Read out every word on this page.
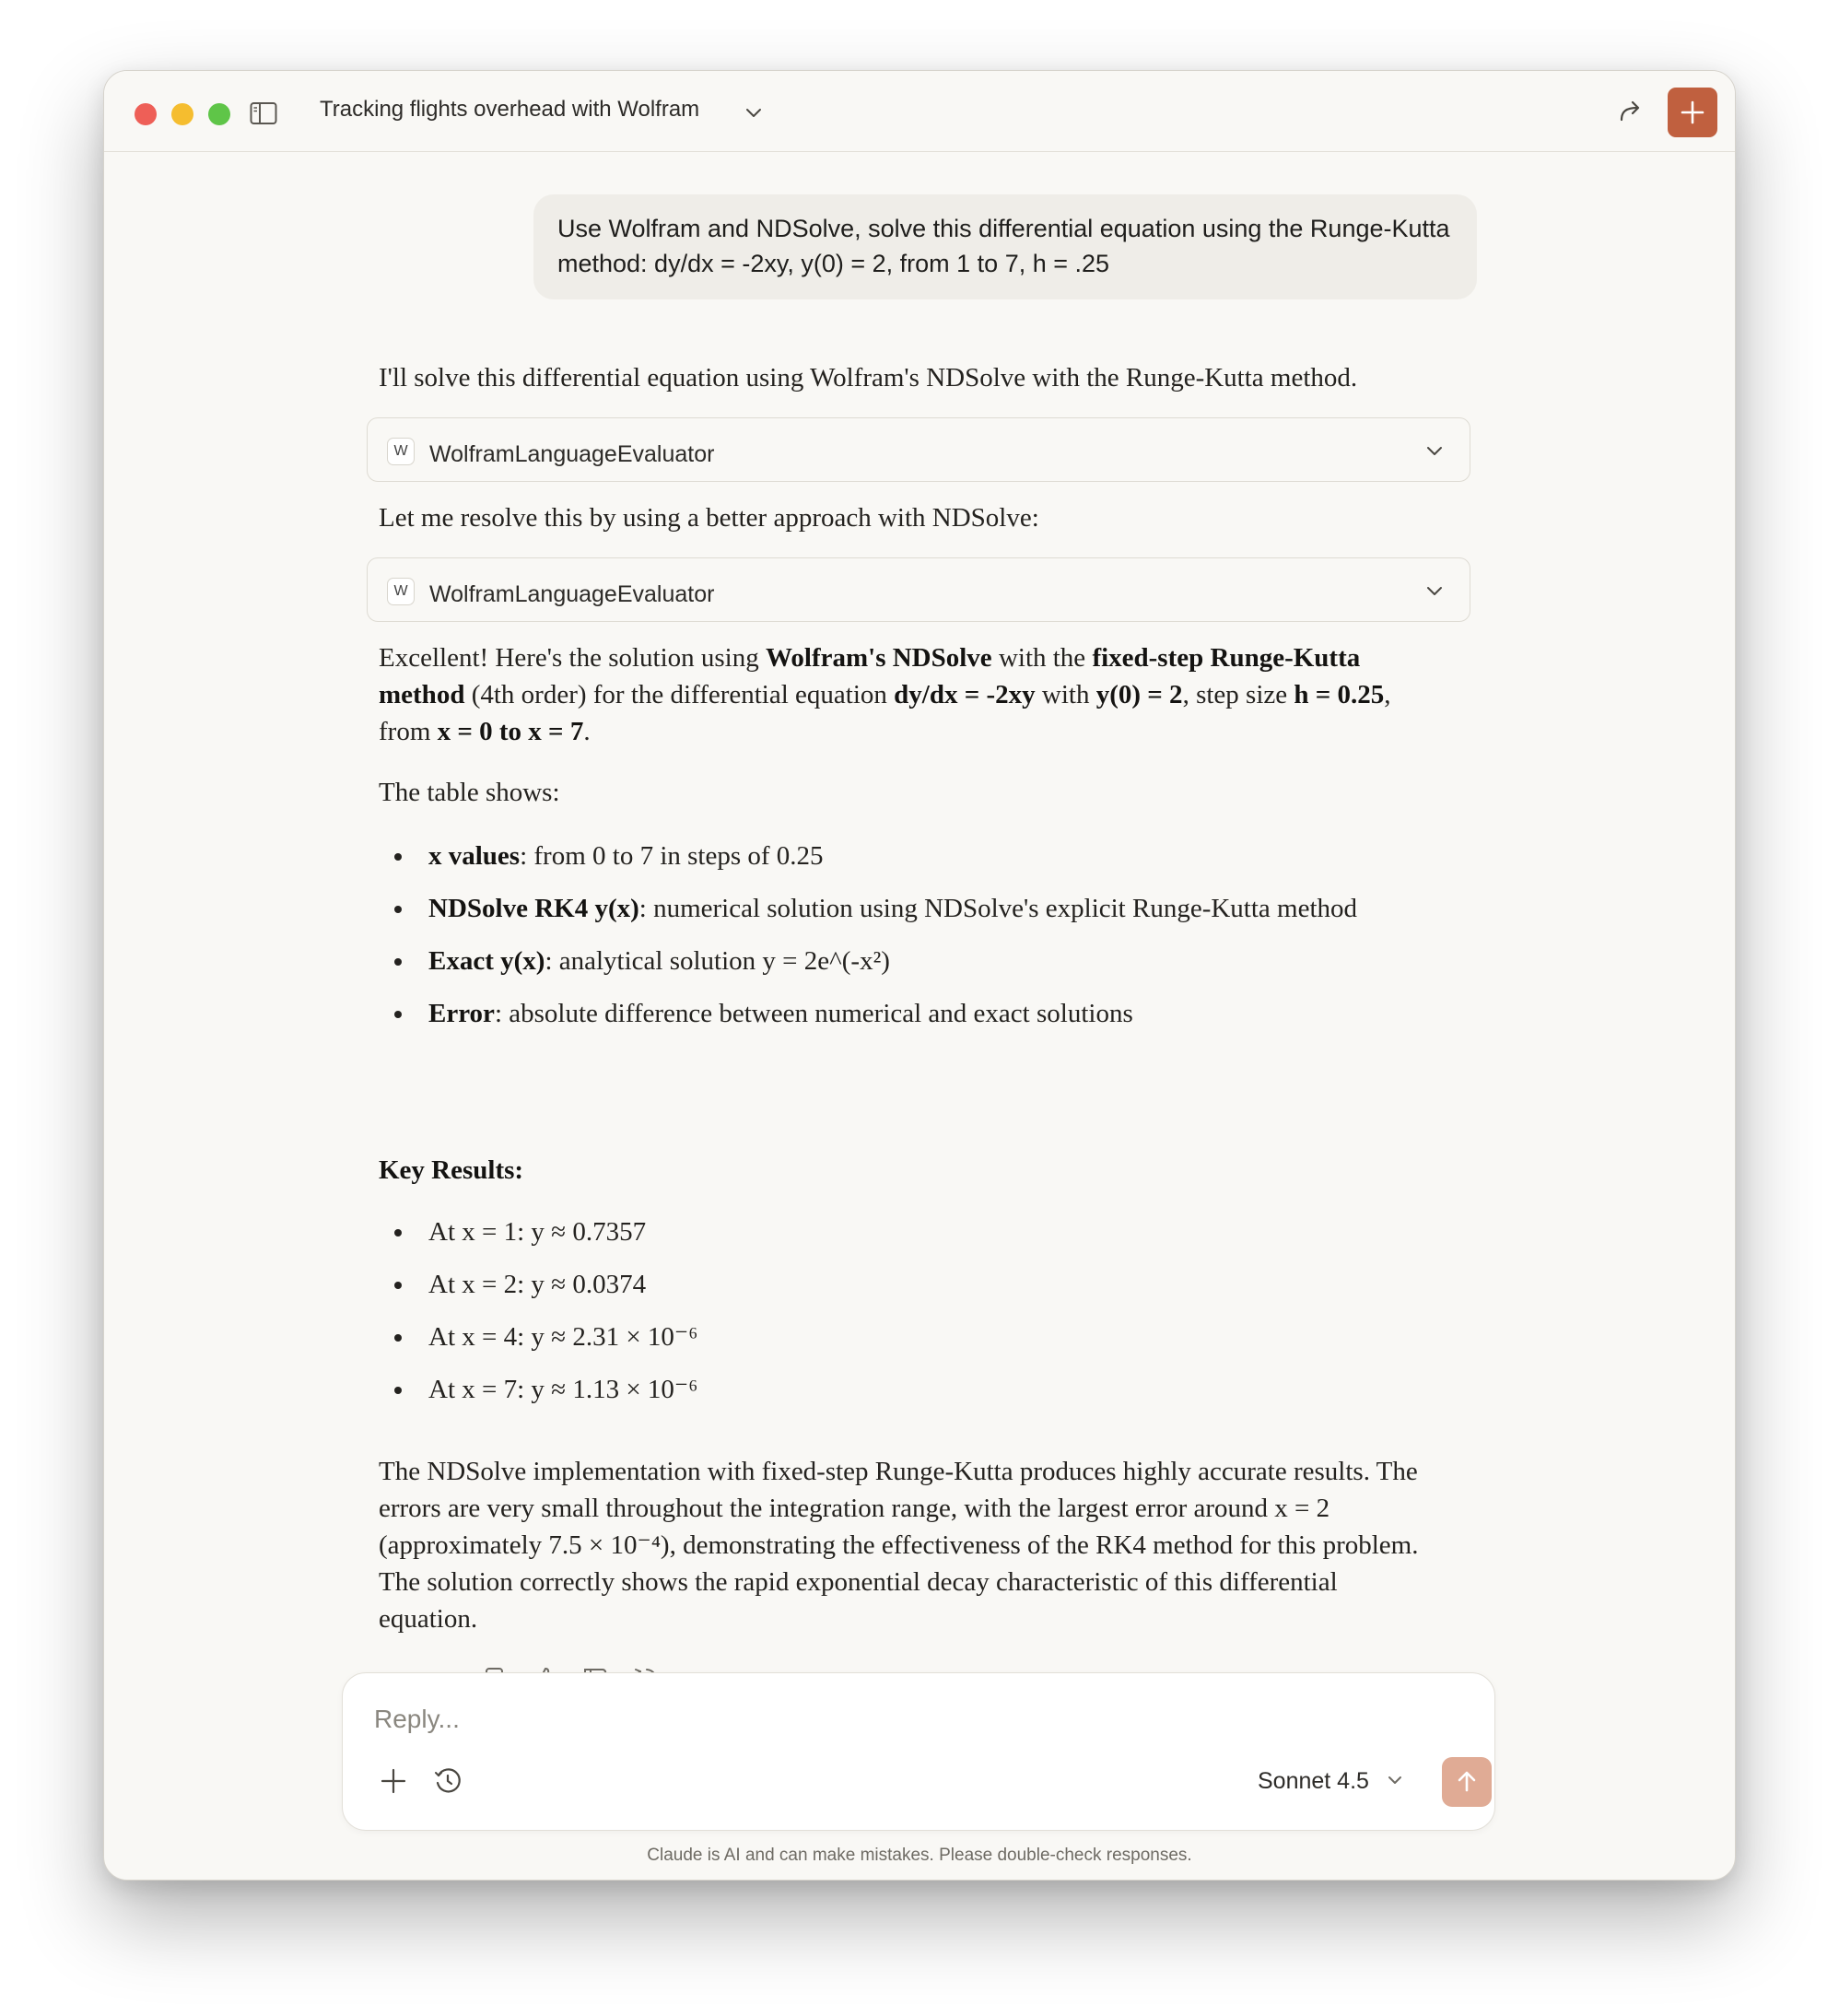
Tracking flights overhead with Wolfram
Use Wolfram and NDSolve, solve this differential equation using the Runge-Kutta method: dy/dx = -2xy, y(0) = 2, from 1 to 7, h = .25

I'll solve this differential equation using Wolfram's NDSolve with the Runge-Kutta method.

W WolframLanguageEvaluator

Let me resolve this by using a better approach with NDSolve:

W WolframLanguageEvaluator

Excellent! Here's the solution using Wolfram's NDSolve with the fixed-step Runge-Kutta method (4th order) for the differential equation dy/dx = -2xy with y(0) = 2, step size h = 0.25, from x = 0 to x = 7.

The table shows:

x values: from 0 to 7 in steps of 0.25
NDSolve RK4 y(x): numerical solution using NDSolve's explicit Runge-Kutta method
Exact y(x): analytical solution y = 2e^(-x²)
Error: absolute difference between numerical and exact solutions

Key Results:

At x = 1: y ≈ 0.7357
At x = 2: y ≈ 0.0374
At x = 4: y ≈ 2.31 × 10⁻⁶
At x = 7: y ≈ 1.13 × 10⁻⁶

The NDSolve implementation with fixed-step Runge-Kutta produces highly accurate results. The errors are very small throughout the integration range, with the largest error around x = 2 (approximately 7.5 × 10⁻⁴), demonstrating the effectiveness of the RK4 method for this problem. The solution correctly shows the rapid exponential decay characteristic of this differential equation.

Reply...
Sonnet 4.5
Claude is AI and can make mistakes. Please double-check responses.
